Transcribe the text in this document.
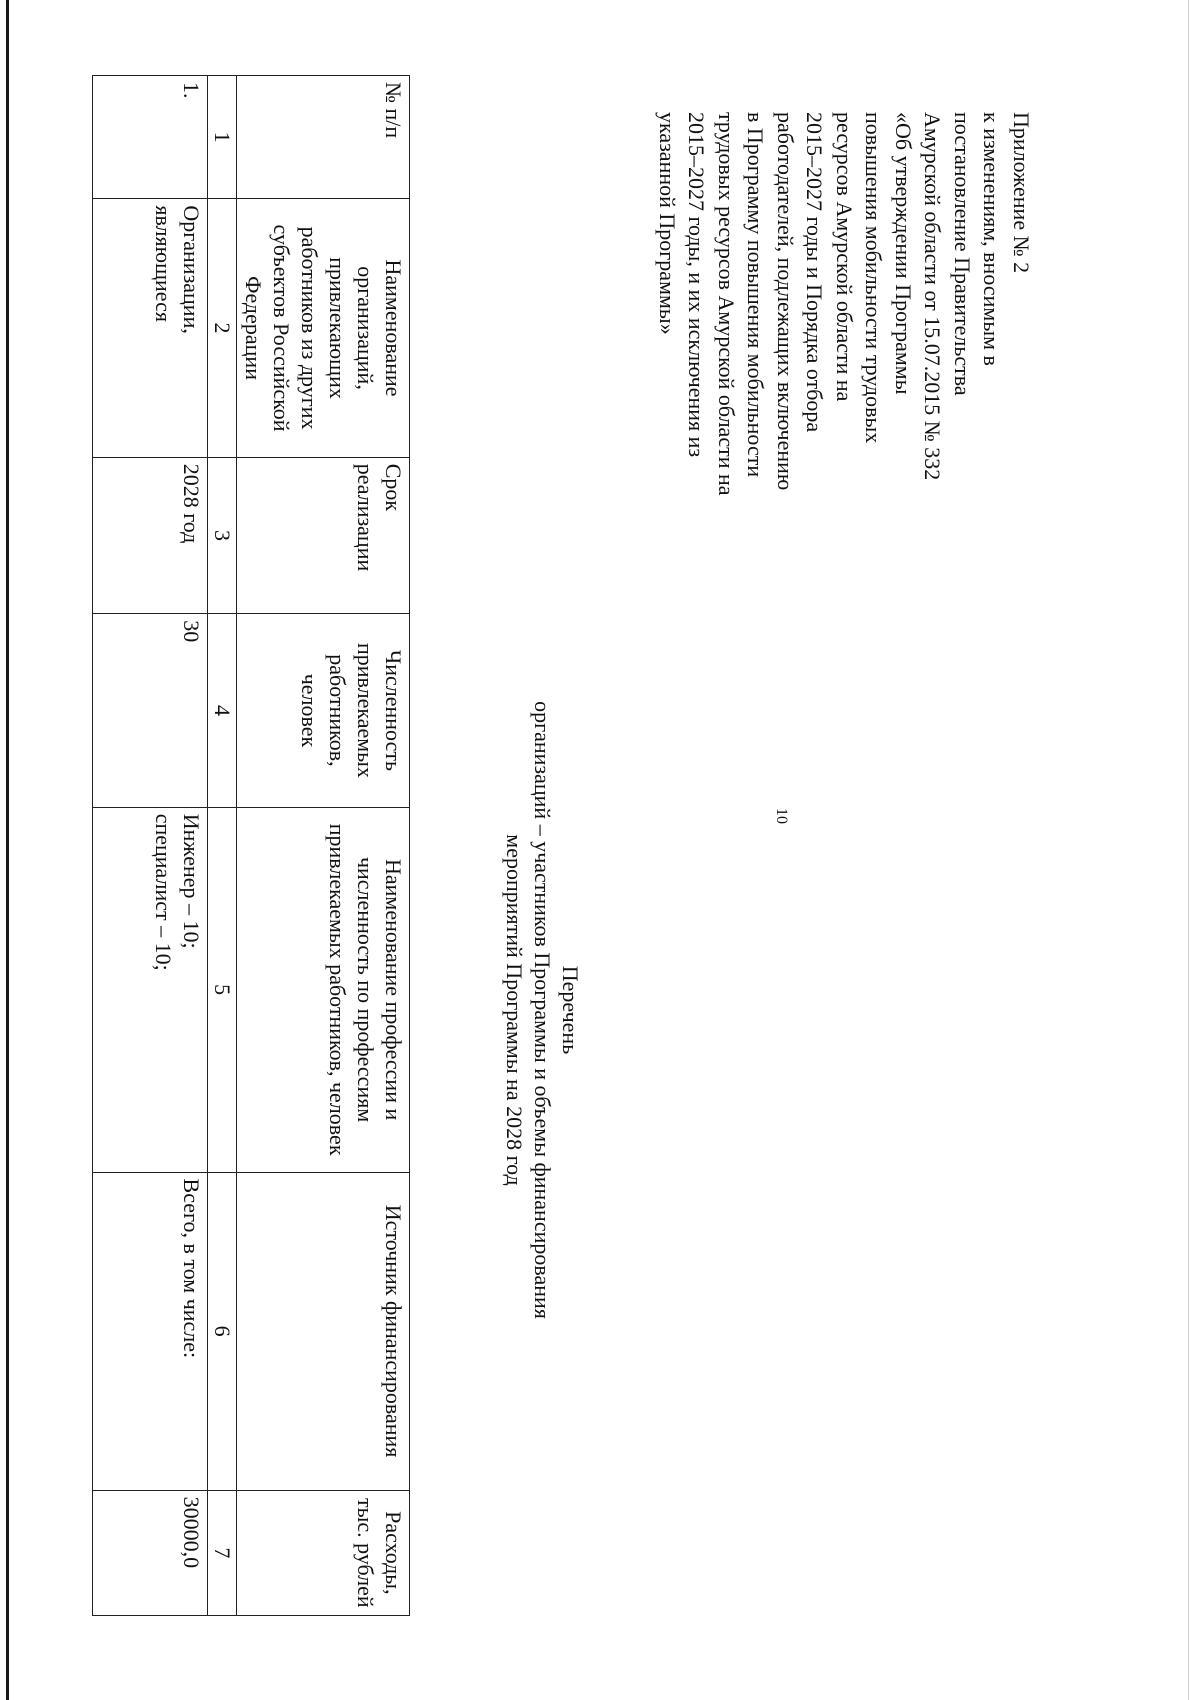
10
Приложение № 2
к изменениям, вносимым в
постановление Правительства
Амурской области от 15.07.2015 № 332
«Об утверждении Программы
повышения мобильности трудовых
ресурсов Амурской области на
2015–2027 годы и Порядка отбора
работодателей, подлежащих включению
в Программу повышения мобильности
трудовых ресурсов Амурской области на
2015–2027 годы, и их исключения из
указанной Программы»
Перечень
организаций – участников Программы и объемы финансирования
мероприятий Программы на 2028 год
№ п/п	Наименование организаций, привлекающих работников из других субъектов Российской Федерации	Срок реализации	Численность привлекаемых работников, человек	Наименование профессии и численность по профессиям привлекаемых работников, человек	Источник финансирования	Расходы, тыс. рублей
1	2	3	4	5	6	7
1.	Организации, являющиеся	2028 год	30	Инженер – 10;
специалист – 10;	Всего, в том числе:	30000,0
